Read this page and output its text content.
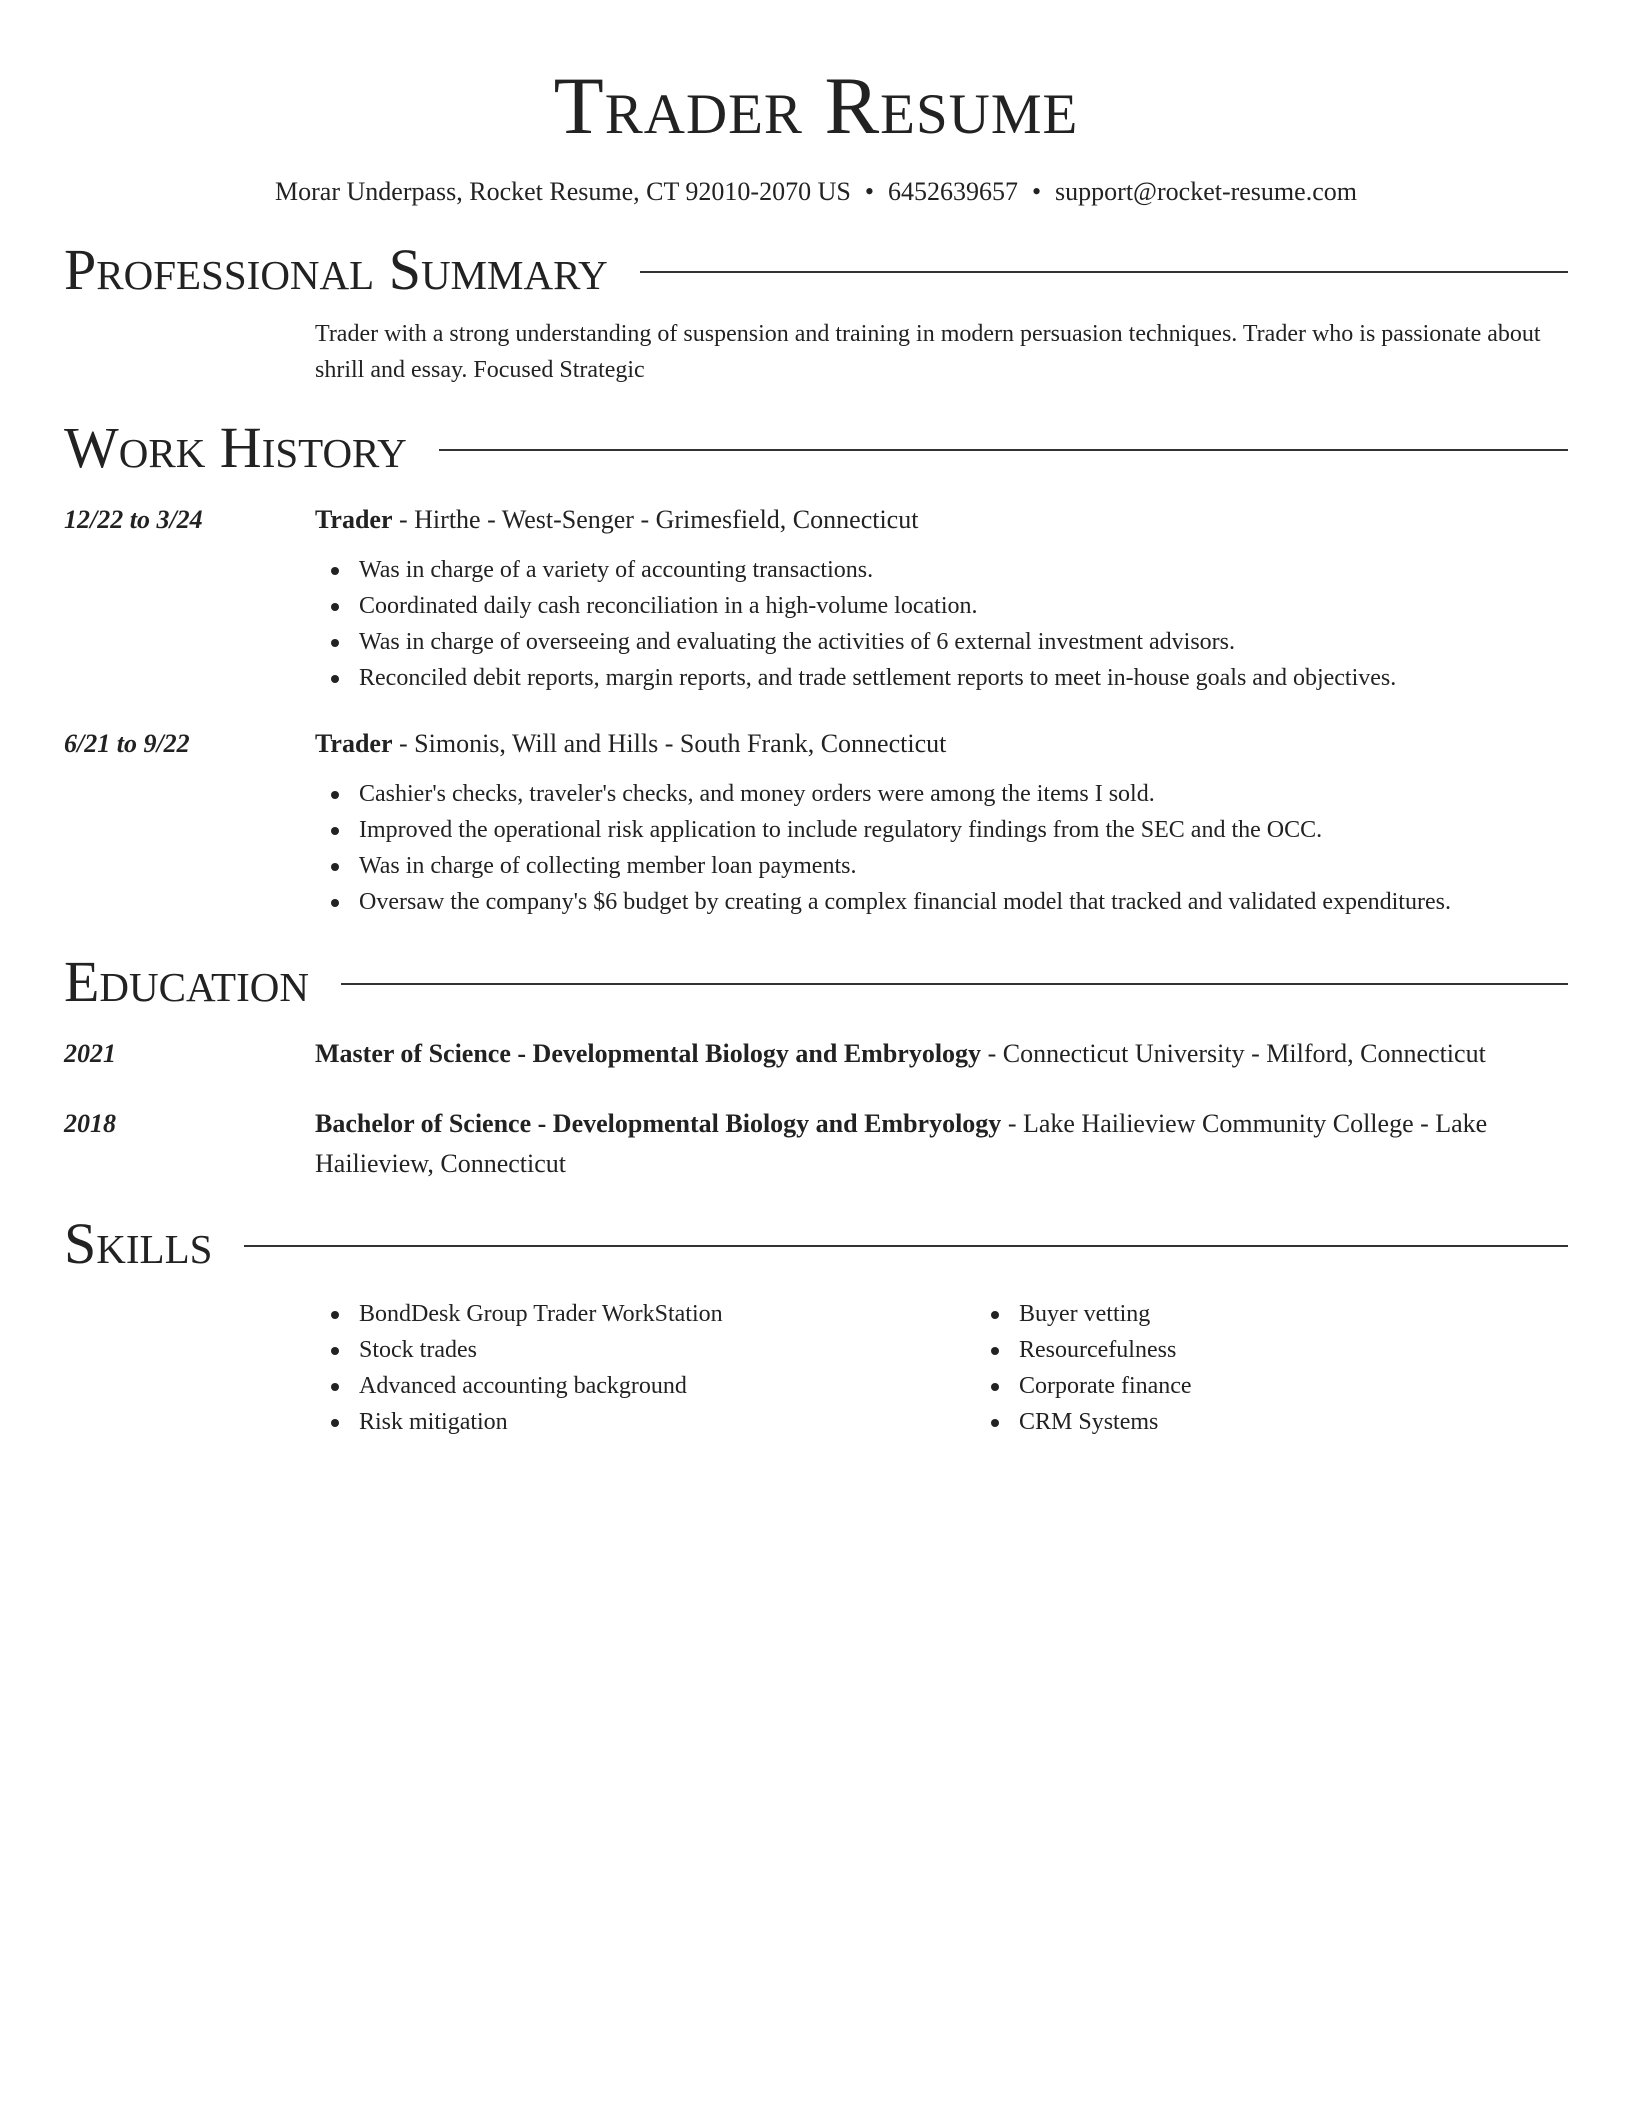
Trader Resume
Morar Underpass, Rocket Resume, CT 92010-2070 US • 6452639657 • support@rocket-resume.com
Professional Summary
Trader with a strong understanding of suspension and training in modern persuasion techniques. Trader who is passionate about shrill and essay. Focused Strategic
Work History
12/22 to 3/24	Trader - Hirthe - West-Senger - Grimesfield, Connecticut
Was in charge of a variety of accounting transactions.
Coordinated daily cash reconciliation in a high-volume location.
Was in charge of overseeing and evaluating the activities of 6 external investment advisors.
Reconciled debit reports, margin reports, and trade settlement reports to meet in-house goals and objectives.
6/21 to 9/22	Trader - Simonis, Will and Hills - South Frank, Connecticut
Cashier's checks, traveler's checks, and money orders were among the items I sold.
Improved the operational risk application to include regulatory findings from the SEC and the OCC.
Was in charge of collecting member loan payments.
Oversaw the company's $6 budget by creating a complex financial model that tracked and validated expenditures.
Education
2021	Master of Science - Developmental Biology and Embryology - Connecticut University - Milford, Connecticut
2018	Bachelor of Science - Developmental Biology and Embryology - Lake Hailieview Community College - Lake Hailieview, Connecticut
Skills
BondDesk Group Trader WorkStation
Stock trades
Advanced accounting background
Risk mitigation
Buyer vetting
Resourcefulness
Corporate finance
CRM Systems
